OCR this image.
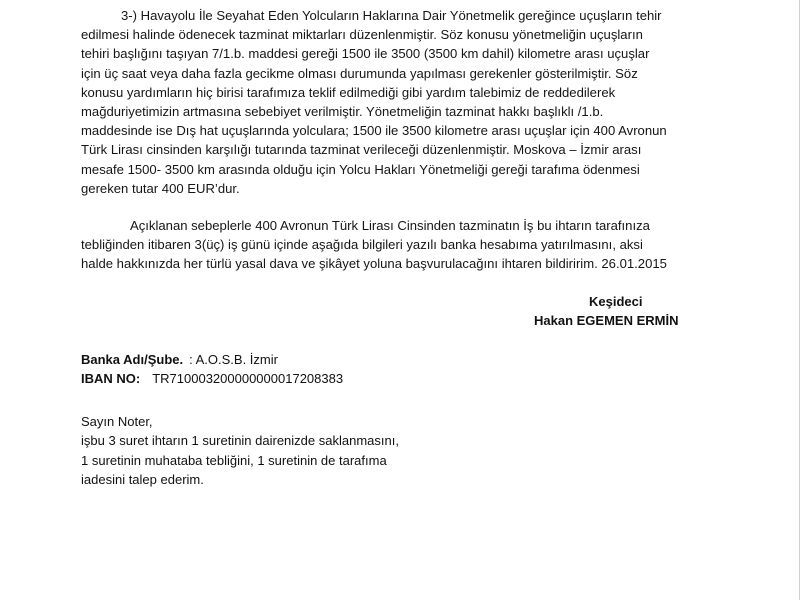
3-) Havayolu İle Seyahat Eden Yolcuların Haklarına Dair Yönetmelik gereğince uçuşların tehir
edilmesi halinde ödenecek tazminat miktarları düzenlenmiştir. Söz konusu yönetmeliğin uçuşların
tehiri başlığını taşıyan 7/1.b. maddesi gereği 1500 ile 3500 (3500 km dahil) kilometre arası uçuşlar
için üç saat veya daha fazla gecikme olması durumunda yapılması gerekenler gösterilmiştir. Söz
konusu yardımların hiç birisi tarafımıza teklif edilmediği gibi yardım talebimiz de reddedilerek
mağduriyetimizin artmasına sebebiyet verilmiştir. Yönetmeliğin tazminat hakkı başlıklı /1.b.
maddesinde ise Dış hat uçuşlarında yolculara; 1500 ile 3500 kilometre arası uçuşlar için 400 Avronun
Türk Lirası cinsinden karşılığı tutarında tazminat verileceği düzenlenmiştir. Moskova – İzmir arası
mesafe 1500- 3500 km arasında olduğu için Yolcu Hakları Yönetmeliği gereği tarafıma ödenmesi
gereken tutar 400 EUR’dur.

Açıklanan sebeplerle 400 Avronun Türk Lirası Cinsinden tazminatın İş bu ihtarın tarafınıza
tebliğinden itibaren 3(üç) iş günü içinde aşağıda bilgileri yazılı banka hesabıma yatırılmasını, aksi
halde hakkınızda her türlü yasal dava ve şikâyet yoluna başvurulacağını ihtaren bildiririm. 26.01.2015

Keşideci
Hakan EGEMEN ERMİN
Banka Adı/Şube. : A.O.S.B. İzmir
IBAN NO: TR710003200000000017208383
Sayın Noter,
işbu 3 suret ihtarın 1 suretinin dairenizde saklanmasını,
1 suretinin muhataba tebliğini, 1 suretinin de tarafıma
iadesini talep ederim.
